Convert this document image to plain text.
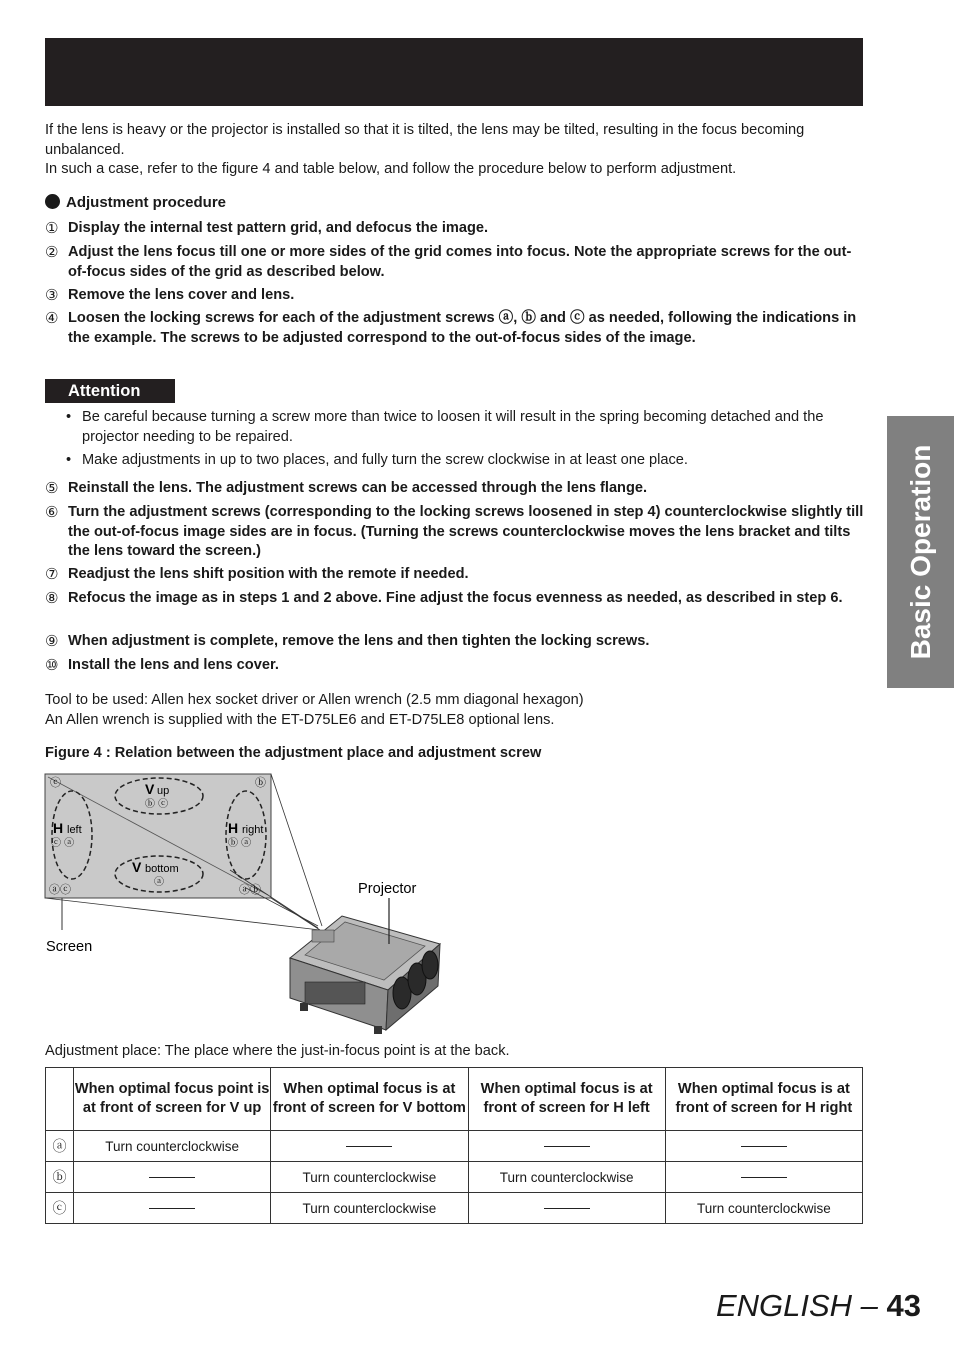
If the lens is heavy or the projector is installed so that it is tilted, the lens may be tilted, resulting in the focus becoming unbalanced.
In such a case, refer to the figure 4 and table below, and follow the procedure below to perform adjustment.
Adjustment procedure
① Display the internal test pattern grid, and defocus the image.
② Adjust the lens focus till one or more sides of the grid comes into focus. Note the appropriate screws for the out-of-focus sides of the grid as described below.
③ Remove the lens cover and lens.
④ Loosen the locking screws for each of the adjustment screws ⓐ, ⓑ and ⓒ as needed, following the indications in the example. The screws to be adjusted correspond to the out-of-focus sides of the image.
Attention
• Be careful because turning a screw more than twice to loosen it will result in the spring becoming detached and the projector needing to be repaired.
• Make adjustments in up to two places, and fully turn the screw clockwise in at least one place.
⑤ Reinstall the lens. The adjustment screws can be accessed through the lens flange.
⑥ Turn the adjustment screws (corresponding to the locking screws loosened in step 4) counterclockwise slightly till the out-of-focus image sides are in focus. (Turning the screws counterclockwise moves the lens bracket and tilts the lens toward the screen.)
⑦ Readjust the lens shift position with the remote if needed.
⑧ Refocus the image as in steps 1 and 2 above. Fine adjust the focus evenness as needed, as described in step 6.
⑨ When adjustment is complete, remove the lens and then tighten the locking screws.
⑩ Install the lens and lens cover.
Tool to be used: Allen hex socket driver or Allen wrench (2.5 mm diagonal hexagon)
An Allen wrench is supplied with the ET-D75LE6 and ET-D75LE8 optional lens.
Figure 4 : Relation between the adjustment place and adjustment screw
V up
ⓑ ⓒ
V bottom
ⓐ
H left
ⓒ ⓐ
H right
ⓑ ⓐ
ⓒ	ⓑ
ⓐⓒ	ⓐⓑ
Screen
Projector
Adjustment place: The place where the just-in-focus point is at the back.
	When optimal focus point is at front of screen for V up	When optimal focus is at front of screen for V bottom	When optimal focus is at front of screen for H left	When optimal focus is at front of screen for H right
ⓐ	Turn counterclockwise			
ⓑ		Turn counterclockwise	Turn counterclockwise	
ⓒ		Turn counterclockwise		Turn counterclockwise
Basic Operation
ENGLISH – 43
